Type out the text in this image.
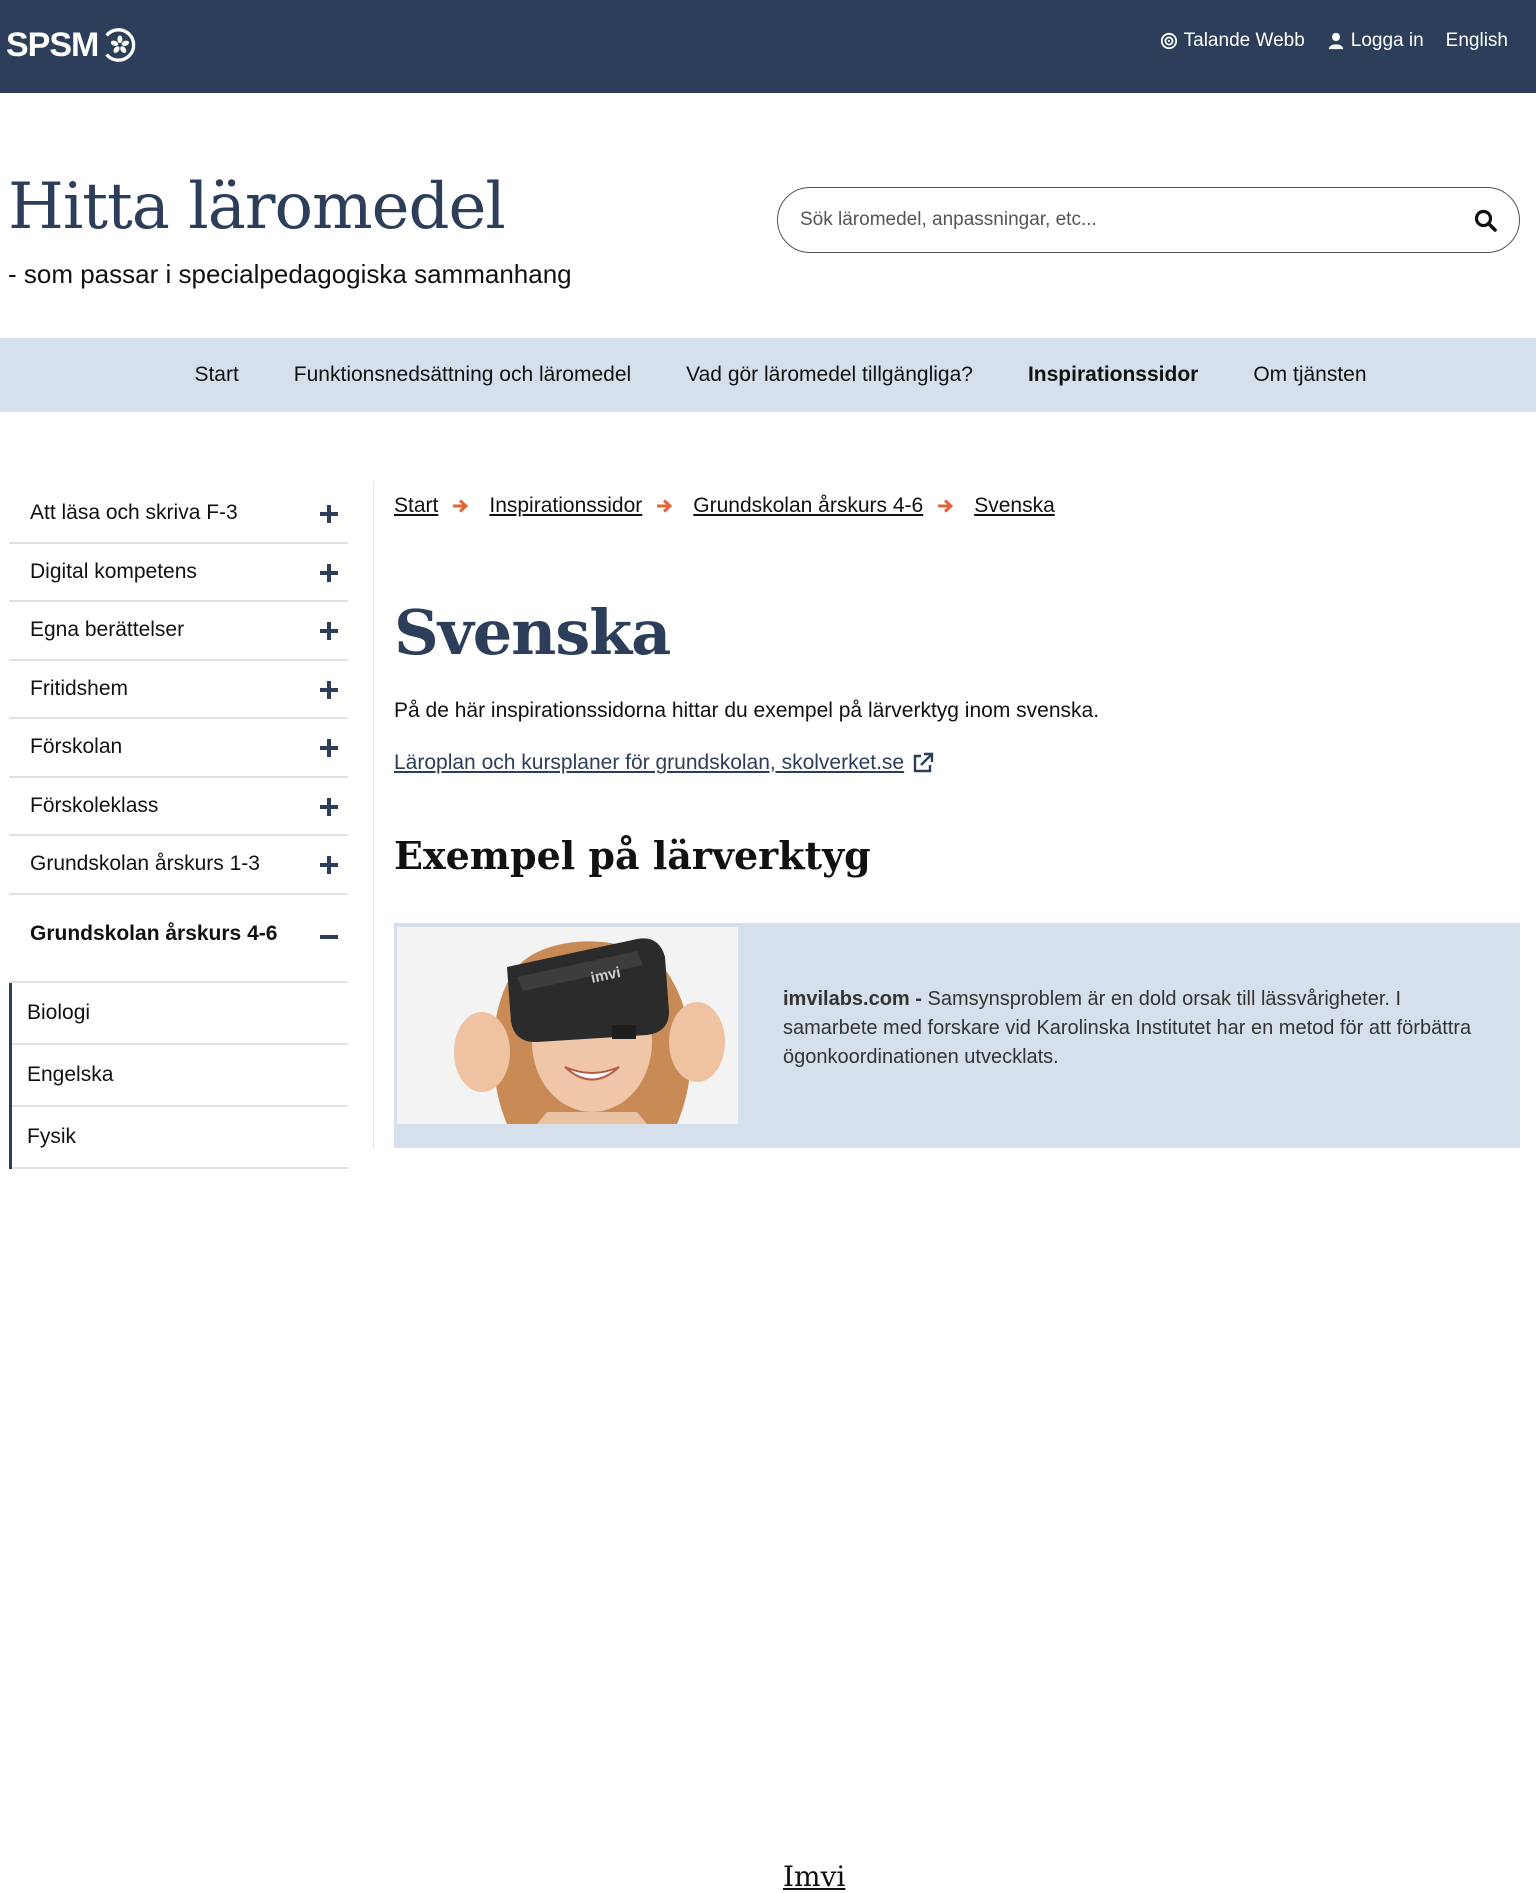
SPSM	Talande Webb Logga in English
Hitta läromedel
- som passar i specialpedagogiska sammanhang
Sök läromedel, anpassningar, etc...
Start	Funktionsnedsättning och läromedel	Vad gör läromedel tillgängliga?	Inspirationssidor	Om tjänsten
Att läsa och skriva F-3
Digital kompetens
Egna berättelser
Fritidshem
Förskolan
Förskoleklass
Grundskolan årskurs 1-3
Grundskolan årskurs 4-6
Biologi
Engelska
Fysik
Start Inspirationssidor Grundskolan årskurs 4-6 Svenska
Svenska

På de här inspirationssidorna hittar du exempel på lärverktyg inom svenska.

Läroplan och kursplaner för grundskolan, skolverket.se
Exempel på lärverktyg
imvi
Imvi

imvilabs.com - Samsynsproblem är en dold orsak till lässvårigheter. I samarbete med forskare vid Karolinska Institutet har en metod för att förbättra ögonkoordinationen utvecklats.
